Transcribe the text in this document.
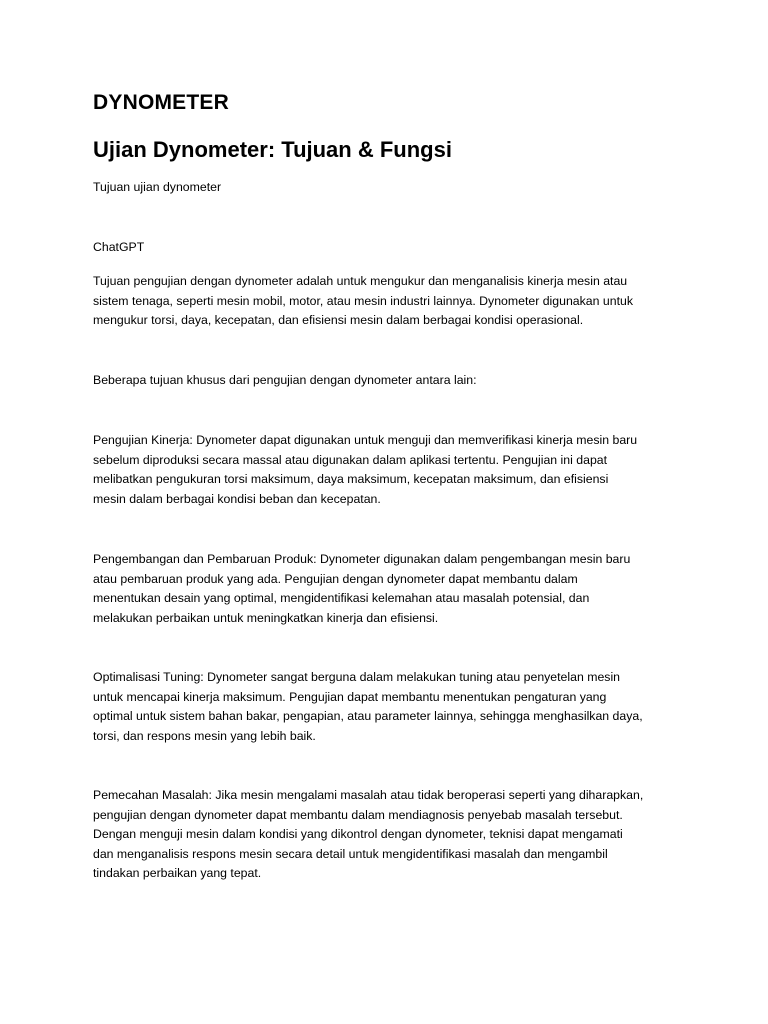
DYNOMETER
Ujian Dynometer: Tujuan & Fungsi

Tujuan ujian dynometer

ChatGPT

Tujuan pengujian dengan dynometer adalah untuk mengukur dan menganalisis kinerja mesin atau
sistem tenaga, seperti mesin mobil, motor, atau mesin industri lainnya. Dynometer digunakan untuk
mengukur torsi, daya, kecepatan, dan efisiensi mesin dalam berbagai kondisi operasional.

Beberapa tujuan khusus dari pengujian dengan dynometer antara lain:

Pengujian Kinerja: Dynometer dapat digunakan untuk menguji dan memverifikasi kinerja mesin baru
sebelum diproduksi secara massal atau digunakan dalam aplikasi tertentu. Pengujian ini dapat
melibatkan pengukuran torsi maksimum, daya maksimum, kecepatan maksimum, dan efisiensi
mesin dalam berbagai kondisi beban dan kecepatan.

Pengembangan dan Pembaruan Produk: Dynometer digunakan dalam pengembangan mesin baru
atau pembaruan produk yang ada. Pengujian dengan dynometer dapat membantu dalam
menentukan desain yang optimal, mengidentifikasi kelemahan atau masalah potensial, dan
melakukan perbaikan untuk meningkatkan kinerja dan efisiensi.

Optimalisasi Tuning: Dynometer sangat berguna dalam melakukan tuning atau penyetelan mesin
untuk mencapai kinerja maksimum. Pengujian dapat membantu menentukan pengaturan yang
optimal untuk sistem bahan bakar, pengapian, atau parameter lainnya, sehingga menghasilkan daya,
torsi, dan respons mesin yang lebih baik.

Pemecahan Masalah: Jika mesin mengalami masalah atau tidak beroperasi seperti yang diharapkan,
pengujian dengan dynometer dapat membantu dalam mendiagnosis penyebab masalah tersebut.
Dengan menguji mesin dalam kondisi yang dikontrol dengan dynometer, teknisi dapat mengamati
dan menganalisis respons mesin secara detail untuk mengidentifikasi masalah dan mengambil
tindakan perbaikan yang tepat.
